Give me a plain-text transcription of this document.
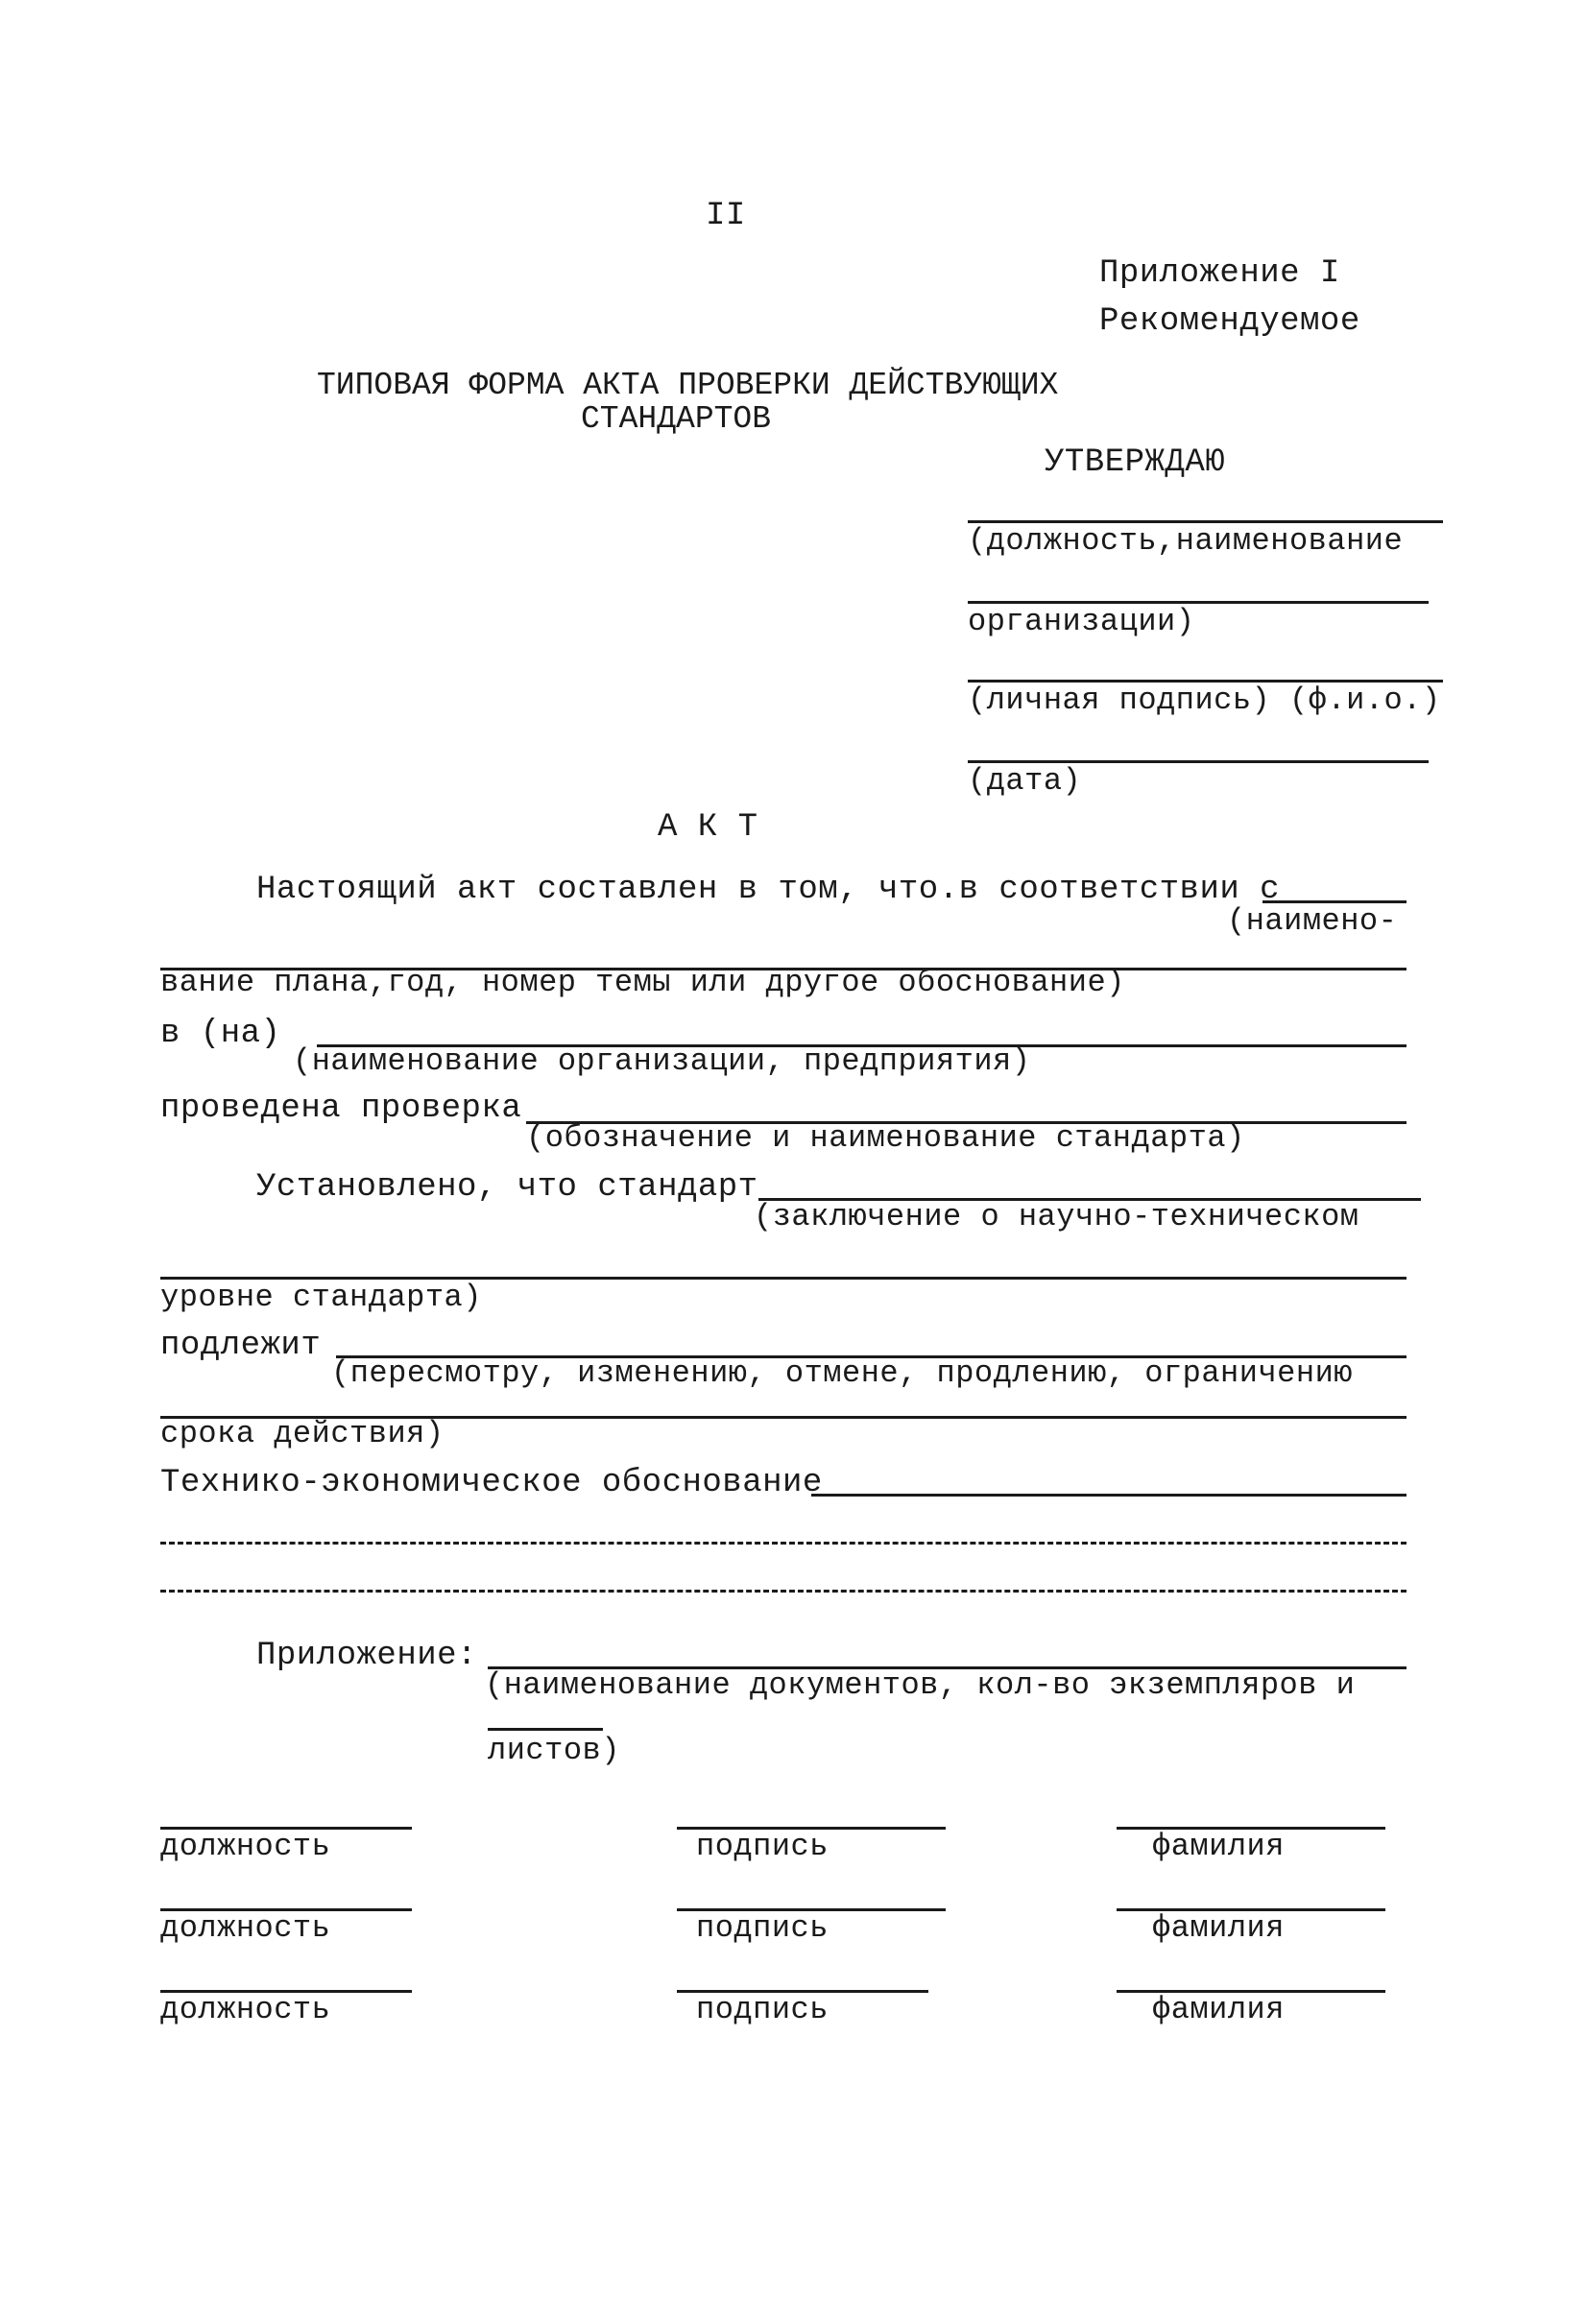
II
Приложение I
Рекомендуемое
ТИПОВАЯ ФОРМА АКТА ПРОВЕРКИ ДЕЙСТВУЮЩИХ
СТАНДАРТОВ
УТВЕРЖДАЮ
(должность,наименование
организации)
(личная подпись) (ф.и.о.)
(дата)
А К Т
Настоящий акт составлен в том, что.в соответствии с
(наимено-
вание плана,год, номер темы или другое обоснование)
в (на)
(наименование организации, предприятия)
проведена проверка
(обозначение и наименование стандарта)
Установлено, что стандарт
(заключение о научно-техническом
уровне стандарта)
подлежит
(пересмотру, изменению, отмене, продлению, ограничению
срока действия)
Технико-экономическое обоснование
Приложение:
(наименование документов, кол-во экземпляров и
листов)
должность	подпись	фамилия
должность	подпись	фамилия
должность	подпись	фамилия
